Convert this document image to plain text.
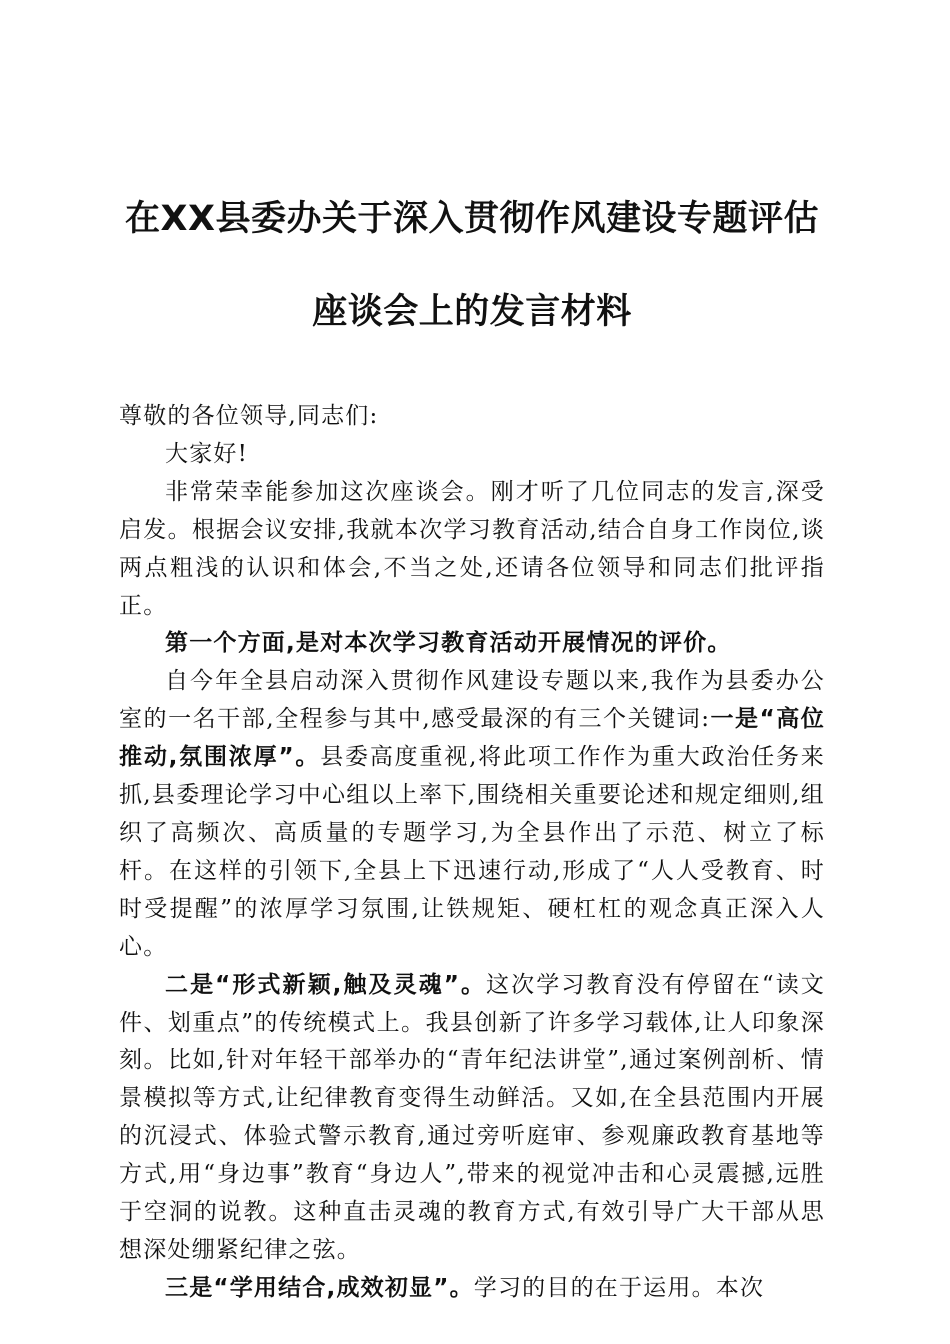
在XX县委办关于深入贯彻作风建设专题评估
座谈会上的发言材料

尊敬的各位领导,同志们:

大家好!

非常荣幸能参加这次座谈会。刚才听了几位同志的发言,深受启发。根据会议安排,我就本次学习教育活动,结合自身工作岗位,谈两点粗浅的认识和体会,不当之处,还请各位领导和同志们批评指正。

第一个方面,是对本次学习教育活动开展情况的评价。

自今年全县启动深入贯彻作风建设专题以来,我作为县委办公室的一名干部,全程参与其中,感受最深的有三个关键词:一是“高位推动,氛围浓厚”。县委高度重视,将此项工作作为重大政治任务来抓,县委理论学习中心组以上率下,围绕相关重要论述和规定细则,组织了高频次、高质量的专题学习,为全县作出了示范、树立了标杆。在这样的引领下,全县上下迅速行动,形成了“人人受教育、时时受提醒”的浓厚学习氛围,让铁规矩、硬杠杠的观念真正深入人心。

二是“形式新颖,触及灵魂”。这次学习教育没有停留在“读文件、划重点”的传统模式上。我县创新了许多学习载体,让人印象深刻。比如,针对年轻干部举办的“青年纪法讲堂”,通过案例剖析、情景模拟等方式,让纪律教育变得生动鲜活。又如,在全县范围内开展的沉浸式、体验式警示教育,通过旁听庭审、参观廉政教育基地等方式,用“身边事”教育“身边人”,带来的视觉冲击和心灵震撼,远胜于空洞的说教。这种直击灵魂的教育方式,有效引导广大干部从思想深处绷紧纪律之弦。

三是“学用结合,成效初显”。学习的目的在于运用。本次
